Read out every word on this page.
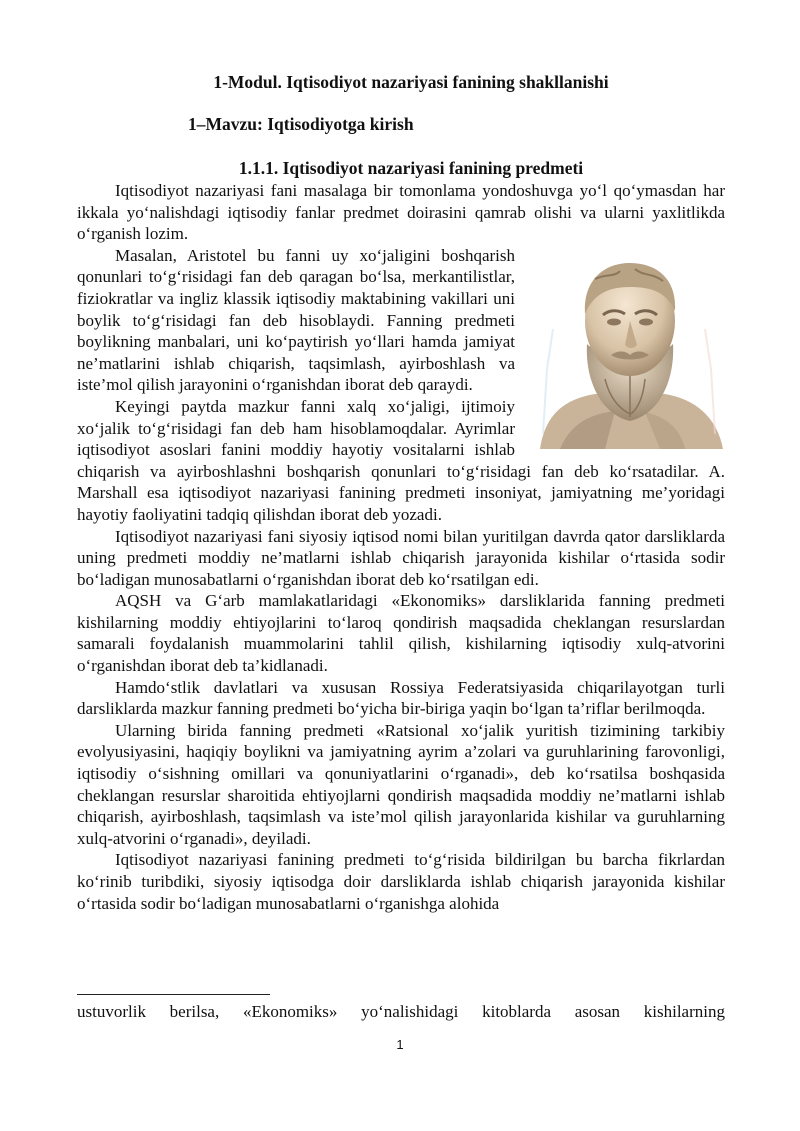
1-Modul. Iqtisodiyot nazariyasi fanining shakllanishi
1–Mavzu: Iqtisodiyotga kirish
1.1.1. Iqtisodiyot nazariyasi fanining predmeti

Iqtisodiyot nazariyasi fani masalaga bir tomonlama yondoshuvga yo‘l qo‘ymasdan har ikkala yo‘nalishdagi iqtisodiy fanlar predmet doirasini qamrab olishi va ularni yaxlitlikda o‘rganish lozim.

Masalan, Aristotel bu fanni uy xo‘jaligini boshqarish qonunlari to‘g‘risidagi fan deb qaragan bo‘lsa, merkantilistlar, fiziokratlar va ingliz klassik iqtisodiy maktabining vakillari uni boylik to‘g‘risidagi fan deb hisoblaydi. Fanning predmeti boylikning manbalari, uni ko‘paytirish yo‘llari hamda jamiyat ne’matlarini ishlab chiqarish, taqsimlash, ayirboshlash va iste’mol qilish jarayonini o‘rganishdan iborat deb qaraydi.

Keyingi paytda mazkur fanni xalq xo‘jaligi, ijtimoiy xo‘jalik to‘g‘risidagi fan deb ham hisoblamoqdalar. Ayrimlar iqtisodiyot asoslari fanini moddiy hayotiy vositalarni ishlab chiqarish va ayirboshlashni boshqarish qonunlari to‘g‘risidagi fan deb ko‘rsatadilar. A. Marshall esa iqtisodiyot nazariyasi fanining predmeti insoniyat, jamiyatning me’yoridagi hayotiy faoliyatini tadqiq qilishdan iborat deb yozadi.

Iqtisodiyot nazariyasi fani siyosiy iqtisod nomi bilan yuritilgan davrda qator darsliklarda uning predmeti moddiy ne’matlarni ishlab chiqarish jarayonida kishilar o‘rtasida sodir bo‘ladigan munosabatlarni o‘rganishdan iborat deb ko‘rsatilgan edi.

AQSH va G‘arb mamlakatlaridagi «Ekonomiks» darsliklarida fanning predmeti kishilarning moddiy ehtiyojlarini to‘laroq qondirish maqsadida cheklangan resurslardan samarali foydalanish muammolarini tahlil qilish, kishilarning iqtisodiy xulq-atvorini o‘rganishdan iborat deb ta’kidlanadi.

Hamdo‘stlik davlatlari va xususan Rossiya Federatsiyasida chiqarilayotgan turli darsliklarda mazkur fanning predmeti bo‘yicha bir-biriga yaqin bo‘lgan ta’riflar berilmoqda.

Ularning birida fanning predmeti «Ratsional xo‘jalik yuritish tizimining tarkibiy evolyusiyasini, haqiqiy boylikni va jamiyatning ayrim a’zolari va guruhlarining farovonligi, iqtisodiy o‘sishning omillari va qonuniyatlarini o‘rganadi», deb ko‘rsatilsa boshqasida cheklangan resurslar sharoitida ehtiyojlarni qondirish maqsadida moddiy ne’matlarni ishlab chiqarish, ayirboshlash, taqsimlash va iste’mol qilish jarayonlarida kishilar va guruhlarning xulq-atvorini o‘rganadi», deyiladi.

Iqtisodiyot nazariyasi fanining predmeti to‘g‘risida bildirilgan bu barcha fikrlardan ko‘rinib turibdiki, siyosiy iqtisodga doir darsliklarda ishlab chiqarish jarayonida kishilar o‘rtasida sodir bo‘ladigan munosabatlarni o‘rganishga alohida

ustuvorlik berilsa, «Ekonomiks» yo‘nalishidagi kitoblarda asosan kishilarning
1
